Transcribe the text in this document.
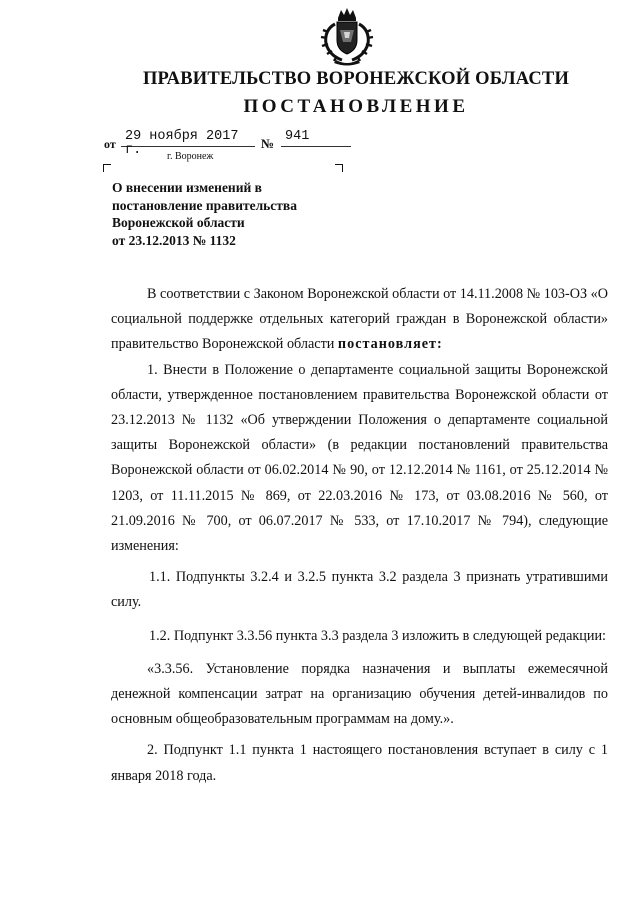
ПРАВИТЕЛЬСТВО ВОРОНЕЖСКОЙ ОБЛАСТИ
ПОСТАНОВЛЕНИЕ
от 29 ноября 2017 г.	№ 941
г. Воронеж
О внесении изменений в
постановление правительства
Воронежской области
от 23.12.2013 № 1132

В соответствии с Законом Воронежской области от 14.11.2008 № 103-ОЗ «О социальной поддержке отдельных категорий граждан в Воронежской области» правительство Воронежской области постановляет:

1. Внести в Положение о департаменте социальной защиты Воронежской области, утвержденное постановлением правительства Воронежской области от 23.12.2013 № 1132 «Об утверждении Положения о департаменте социальной защиты Воронежской области» (в редакции постановлений правительства Воронежской области от 06.02.2014 № 90, от 12.12.2014 № 1161, от 25.12.2014 № 1203, от 11.11.2015 № 869, от 22.03.2016 № 173, от 03.08.2016 № 560, от 21.09.2016 № 700, от 06.07.2017 № 533, от 17.10.2017 № 794), следующие изменения:

1.1. Подпункты 3.2.4 и 3.2.5 пункта 3.2 раздела 3 признать утратившими силу.

1.2. Подпункт 3.3.56 пункта 3.3 раздела 3 изложить в следующей редакции:

«3.3.56. Установление порядка назначения и выплаты ежемесячной денежной компенсации затрат на организацию обучения детей-инвалидов по основным общеобразовательным программам на дому.».

2. Подпункт 1.1 пункта 1 настоящего постановления вступает в силу с 1 января 2018 года.
